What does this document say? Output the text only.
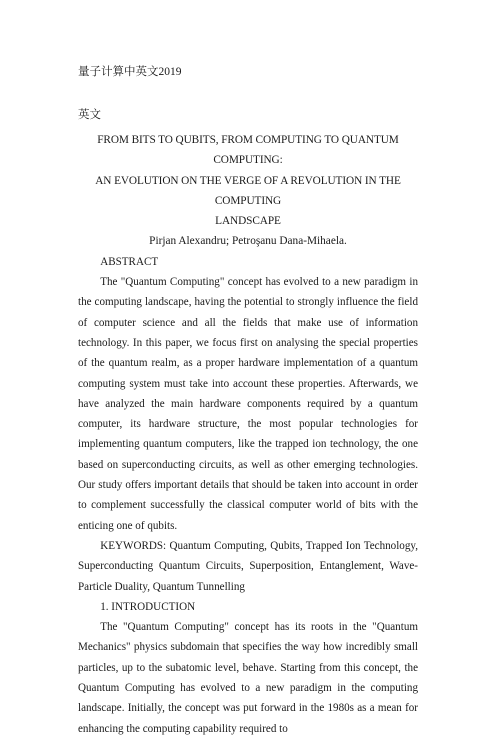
量子计算中英文2019
英文
FROM BITS TO QUBITS, FROM COMPUTING TO QUANTUM COMPUTING:
AN EVOLUTION ON THE VERGE OF A REVOLUTION IN THE COMPUTING
LANDSCAPE
Pirjan Alexandru; Petroşanu Dana-Mihaela.

ABSTRACT

The "Quantum Computing" concept has evolved to a new paradigm in the computing landscape, having the potential to strongly influence the field of computer science and all the fields that make use of information technology. In this paper, we focus first on analysing the special properties of the quantum realm, as a proper hardware implementation of a quantum computing system must take into account these properties. Afterwards, we have analyzed the main hardware components required by a quantum computer, its hardware structure, the most popular technologies for implementing quantum computers, like the trapped ion technology, the one based on superconducting circuits, as well as other emerging technologies. Our study offers important details that should be taken into account in order to complement successfully the classical computer world of bits with the enticing one of qubits.

KEYWORDS: Quantum Computing, Qubits, Trapped Ion Technology, Superconducting Quantum Circuits, Superposition, Entanglement, Wave-Particle Duality, Quantum Tunnelling

1. INTRODUCTION

The "Quantum Computing" concept has its roots in the "Quantum Mechanics" physics subdomain that specifies the way how incredibly small particles, up to the subatomic level, behave. Starting from this concept, the Quantum Computing has evolved to a new paradigm in the computing landscape. Initially, the concept was put forward in the 1980s as a mean for enhancing the computing capability required to
